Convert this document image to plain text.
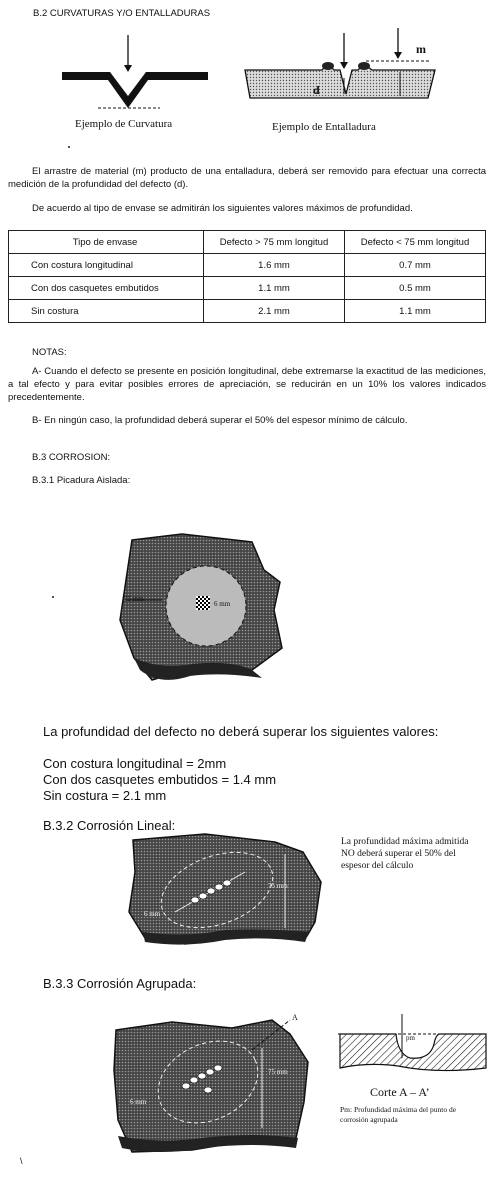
B.2 CURVATURAS Y/O ENTALLADURAS
Ejemplo de Curvatura
m
d
Ejemplo de Entalladura
El arrastre de material (m) producto de una entalladura, deberá ser removido para efectuar una correcta medición de la profundidad del defecto (d).
De acuerdo al tipo de envase se admitirán los siguientes valores máximos de profundidad.
Tipo de envase	Defecto > 75 mm longitud	Defecto < 75 mm longitud
Con costura longitudinal	1.6 mm	0.7 mm
Con dos casquetes embutidos	1.1 mm	0.5 mm
Sin costura	2.1 mm	1.1 mm
NOTAS:
A- Cuando el defecto se presente en posición longitudinal, debe extremarse la exactitud de las mediciones, a tal efecto y para evitar posibles errores de apreciación, se reducirán en un 10% los valores indicados precedentemente.
B- En ningún caso, la profundidad deberá superar el 50% del espesor mínimo de cálculo.
B.3 CORROSION:
B.3.1 Picadura Aislada:
75 mm
6 mm
La profundidad del defecto no deberá superar los siguientes valores:
Con costura longitudinal = 2mm
Con dos casquetes embutidos = 1.4 mm
Sin costura = 2.1 mm
B.3.2 Corrosión Lineal:
75 mm
6 mm
La profundidad máxima admitida NO deberá superar el 50% del espesor del cálculo
B.3.3 Corrosión Agrupada:
A
75 mm
6 mm
pm
Corte A – A’
Pm: Profundidad máxima del punto de corrosión agrupada
\
